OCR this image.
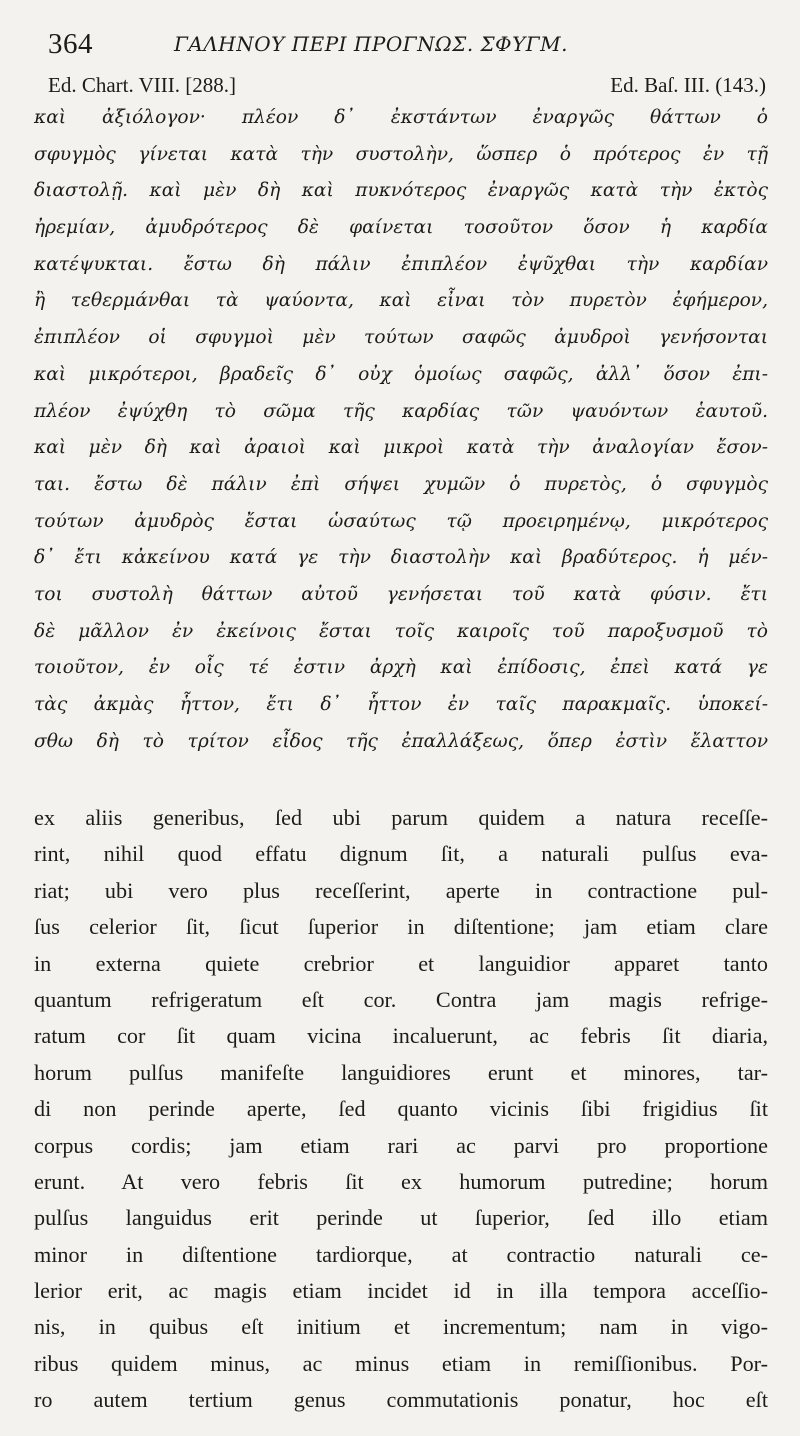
364	ΓΑΛΗΝΟΥ ΠΕΡΙ ΠΡΟΓΝΩΣ. ΣΦΥΓΜ.
Ed. Chart. VIII. [288.]	Ed. Baſ. III. (143.)
καὶ ἀξιόλογον· πλέον δ᾽ ἐκστάντων ἐναργῶς θάττων ὁ
σφυγμὸς γίνεται κατὰ τὴν συστολὴν, ὥσπερ ὁ πρότερος ἐν τῇ
διαστολῇ. καὶ μὲν δὴ καὶ πυκνότερος ἐναργῶς κατὰ τὴν ἐκτὸς
ἠρεμίαν, ἀμυδρότερος δὲ φαίνεται τοσοῦτον ὅσον ἡ καρδία
κατέψυκται. ἔστω δὴ πάλιν ἐπιπλέον ἐψῦχθαι τὴν καρδίαν
ἢ τεθερμάνθαι τὰ ψαύοντα, καὶ εἶναι τὸν πυρετὸν ἐφήμερον,
ἐπιπλέον οἱ σφυγμοὶ μὲν τούτων σαφῶς ἀμυδροὶ γενήσονται
καὶ μικρότεροι, βραδεῖς δ᾽ οὐχ ὁμοίως σαφῶς, ἀλλ᾽ ὅσον ἐπι-
πλέον ἐψύχθη τὸ σῶμα τῆς καρδίας τῶν ψαυόντων ἑαυτοῦ.
καὶ μὲν δὴ καὶ ἀραιοὶ καὶ μικροὶ κατὰ τὴν ἀναλογίαν ἔσον-
ται. ἔστω δὲ πάλιν ἐπὶ σήψει χυμῶν ὁ πυρετὸς, ὁ σφυγμὸς
τούτων ἀμυδρὸς ἔσται ὡσαύτως τῷ προειρημένῳ, μικρότερος
δ᾽ ἔτι κἀκείνου κατά γε τὴν διαστολὴν καὶ βραδύτερος. ἡ μέν-
τοι συστολὴ θάττων αὐτοῦ γενήσεται τοῦ κατὰ φύσιν. ἔτι
δὲ μᾶλλον ἐν ἐκείνοις ἔσται τοῖς καιροῖς τοῦ παροξυσμοῦ τὸ
τοιοῦτον, ἐν οἷς τέ ἐστιν ἀρχὴ καὶ ἐπίδοσις, ἐπεὶ κατά γε
τὰς ἀκμὰς ἧττον, ἔτι δ᾽ ἧττον ἐν ταῖς παρακμαῖς. ὑποκεί-
σθω δὴ τὸ τρίτον εἶδος τῆς ἐπαλλάξεως, ὅπερ ἐστὶν ἔλαττον
ex aliis generibus, ſed ubi parum quidem a natura receſſe-
rint, nihil quod effatu dignum ſit, a naturali pulſus eva-
riat; ubi vero plus receſſerint, aperte in contractione pul-
ſus celerior ſit, ſicut ſuperior in diſtentione; jam etiam clare
in externa quiete crebrior et languidior apparet tanto
quantum refrigeratum eſt cor. Contra jam magis refrige-
ratum cor ſit quam vicina incaluerunt, ac febris ſit diaria,
horum pulſus manifeſte languidiores erunt et minores, tar-
di non perinde aperte, ſed quanto vicinis ſibi frigidius ſit
corpus cordis; jam etiam rari ac parvi pro proportione
erunt. At vero febris ſit ex humorum putredine; horum
pulſus languidus erit perinde ut ſuperior, ſed illo etiam
minor in diſtentione tardiorque, at contractio naturali ce-
lerior erit, ac magis etiam incidet id in illa tempora acceſſio-
nis, in quibus eſt initium et incrementum; nam in vigo-
ribus quidem minus, ac minus etiam in remiſſionibus. Por-
ro autem tertium genus commutationis ponatur, hoc eſt
